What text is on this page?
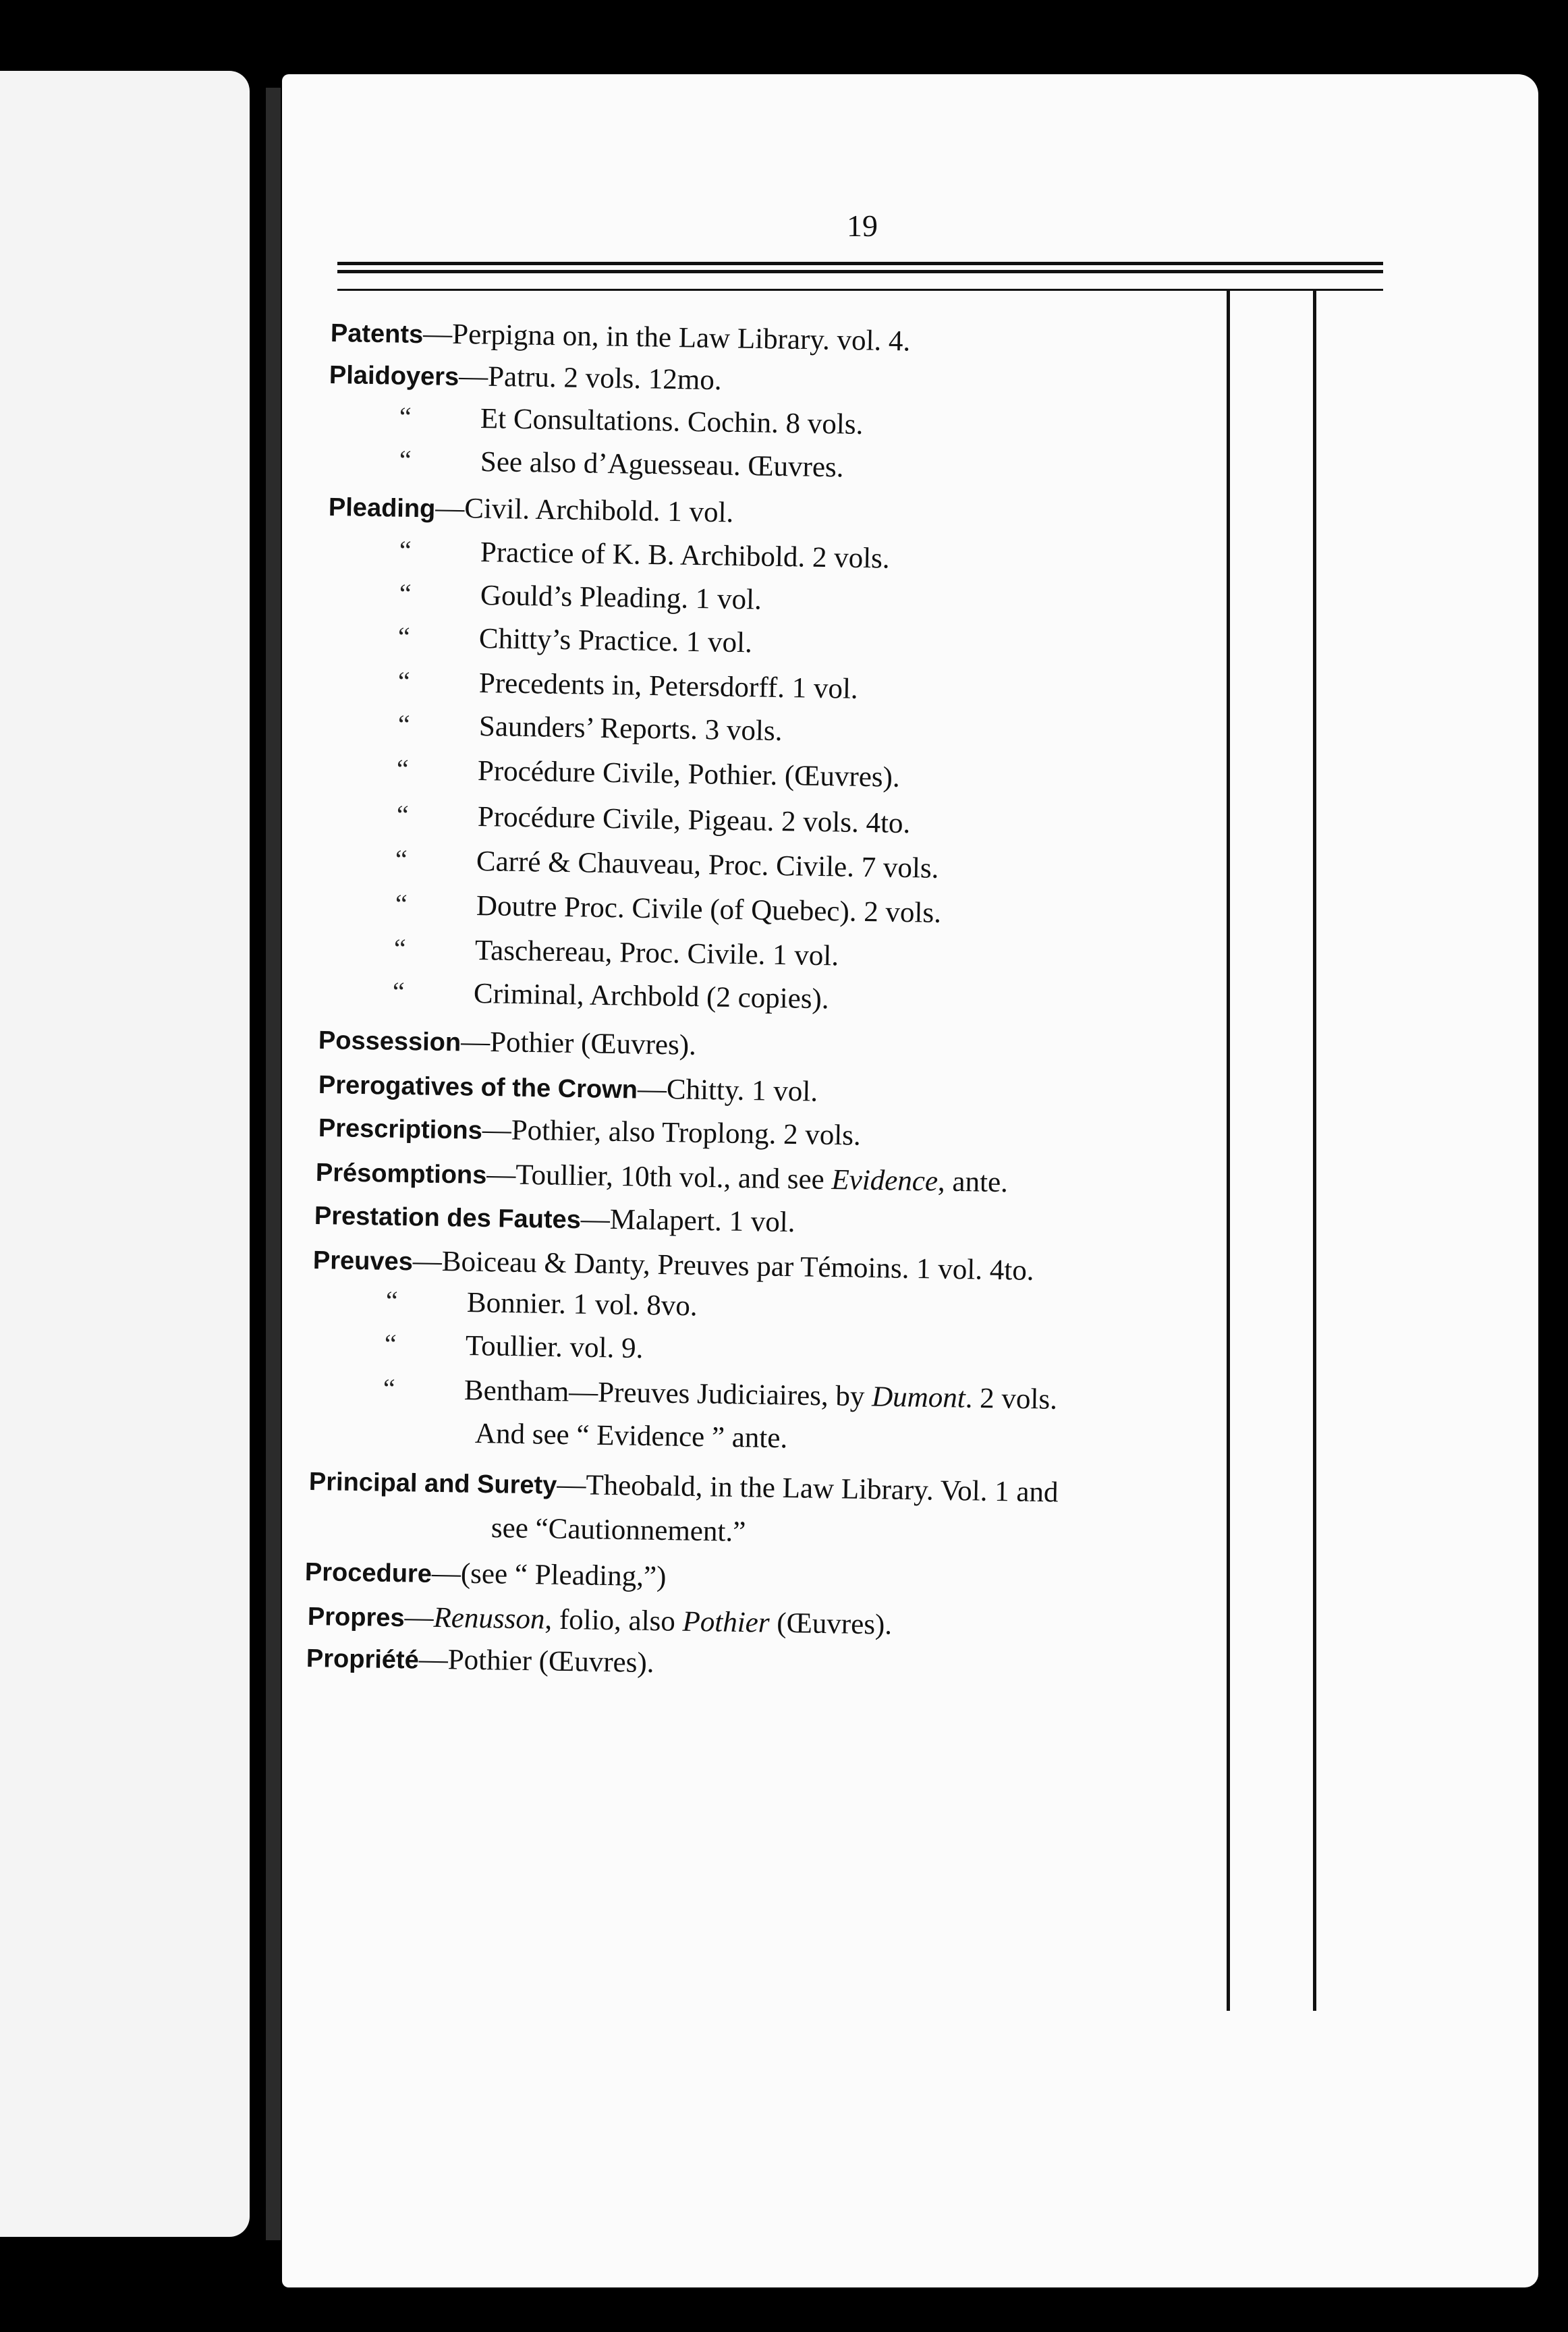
19
Patents—Perpigna on, in the Law Library. vol. 4.
Plaidoyers—Patru. 2 vols. 12mo.
“ Et Consultations. Cochin. 8 vols.
“ See also d’Aguesseau. Œuvres.
Pleading—Civil. Archibold. 1 vol.
“ Practice of K. B. Archibold. 2 vols.
“ Gould’s Pleading. 1 vol.
“ Chitty’s Practice. 1 vol.
“ Precedents in, Petersdorff. 1 vol.
“ Saunders’ Reports. 3 vols.
“ Procédure Civile, Pothier. (Œuvres).
“ Procédure Civile, Pigeau. 2 vols. 4to.
“ Carré & Chauveau, Proc. Civile. 7 vols.
“ Doutre Proc. Civile (of Quebec). 2 vols.
“ Taschereau, Proc. Civile. 1 vol.
“ Criminal, Archbold (2 copies).
Possession—Pothier (Œuvres).
Prerogatives of the Crown—Chitty. 1 vol.
Prescriptions—Pothier, also Troplong. 2 vols.
Présomptions—Toullier, 10th vol., and see Evidence, ante.
Prestation des Fautes—Malapert. 1 vol.
Preuves—Boiceau & Danty, Preuves par Témoins. 1 vol. 4to.
“ Bonnier. 1 vol. 8vo.
“ Toullier. vol. 9.
“ Bentham—Preuves Judiciaires, by Dumont. 2 vols.
And see “ Evidence ” ante.
Principal and Surety—Theobald, in the Law Library. Vol. 1 and
see “Cautionnement.”
Procedure—(see “ Pleading,”)
Propres—Renusson, folio, also Pothier (Œuvres).
Propriété—Pothier (Œuvres).
